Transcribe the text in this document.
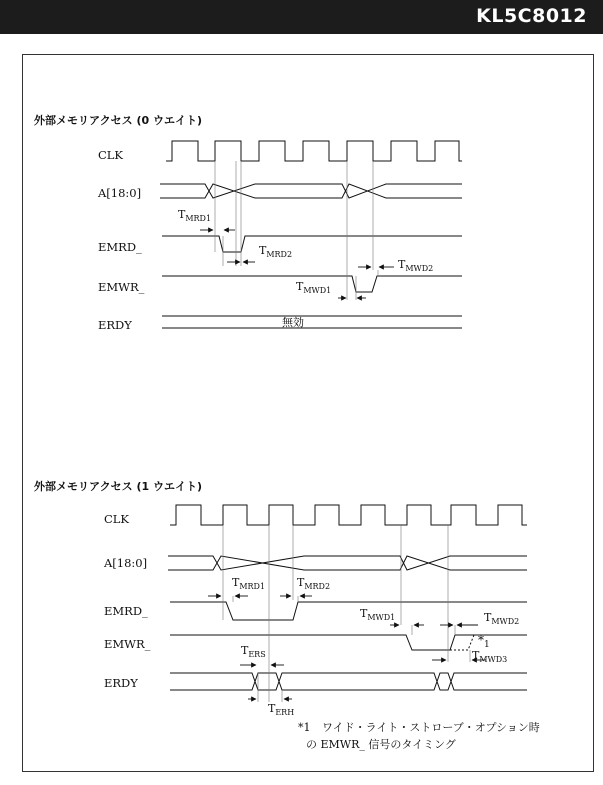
KL5C8012
外部メモリアクセス (0 ウエイト)
CLK
A[18:0]
EMRD_
EMWR_
ERDY
外部メモリアクセス (1 ウエイト)
CLK
A[18:0]
EMRD_
EMWR_
ERDY
*1 ワイド・ライト・ストローブ・オプション時
の EMWR_ 信号のタイミング
$T_{MRD1}$
$T_{MRD2}$
$T_{MWD1}$
$T_{MWD2}$
無効
$T_{MRD1}$	$T_{MRD2}$
$T_{MWD1}$	$T_{MWD2}$
$T_{MWD3}$
$*_1$
$T_{ERS}$
$T_{ERH}$
